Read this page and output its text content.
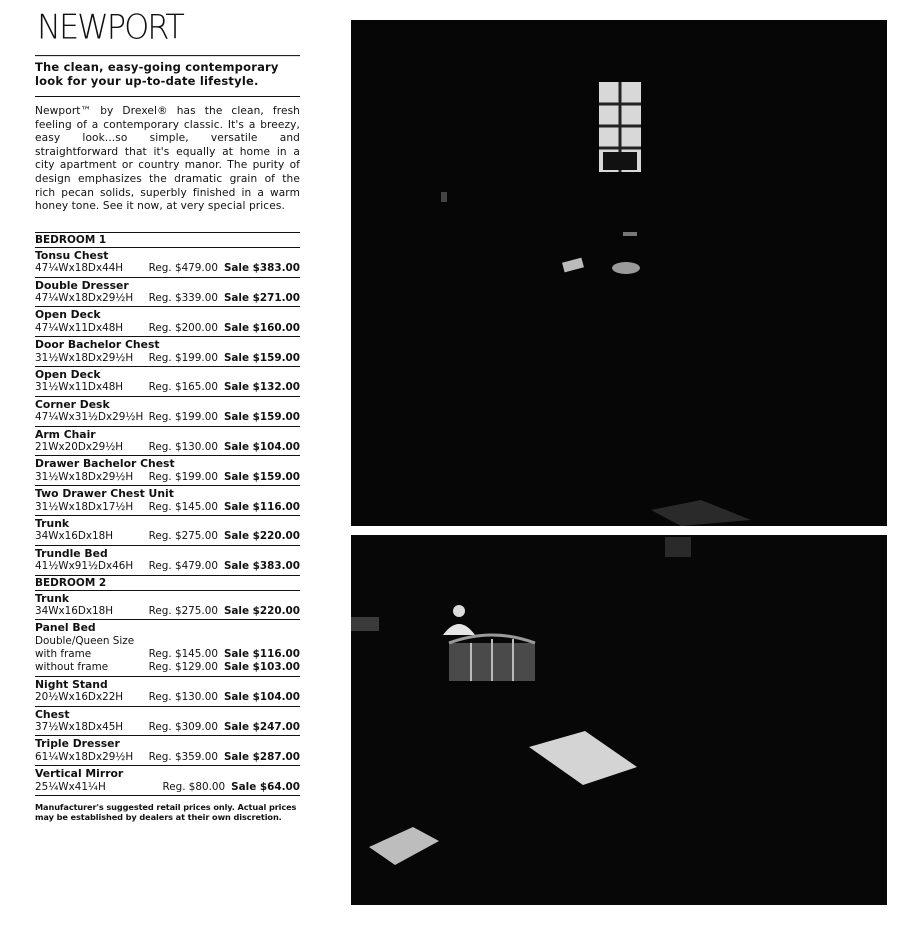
NEWPORT

The clean, easy-going contemporary look for your up-to-date lifestyle.

Newport™ by Drexel® has the clean, fresh feeling of a contemporary classic. It's a breezy, easy look...so simple, versatile and straightforward that it's equally at home in a city apartment or country manor. The purity of design emphasizes the dramatic grain of the rich pecan solids, superbly finished in a warm honey tone. See it now, at very special prices.

BEDROOM 1
Tonsu Chest
47¼Wx18Dx44H	Reg. $479.00 Sale $383.00
Double Dresser
47¼Wx18Dx29½H	Reg. $339.00 Sale $271.00
Open Deck
47¼Wx11Dx48H	Reg. $200.00 Sale $160.00
Door Bachelor Chest
31½Wx18Dx29½H	Reg. $199.00 Sale $159.00
Open Deck
31½Wx11Dx48H	Reg. $165.00 Sale $132.00
Corner Desk
47¼Wx31½Dx29½H Reg. $199.00 Sale $159.00
Arm Chair
21Wx20Dx29½H	Reg. $130.00 Sale $104.00
Drawer Bachelor Chest
31½Wx18Dx29½H	Reg. $199.00 Sale $159.00
Two Drawer Chest Unit
31½Wx18Dx17½H	Reg. $145.00 Sale $116.00
Trunk
34Wx16Dx18H	Reg. $275.00 Sale $220.00
Trundle Bed
41½Wx91½Dx46H	Reg. $479.00 Sale $383.00
BEDROOM 2
Trunk
34Wx16Dx18H	Reg. $275.00 Sale $220.00
Panel Bed
Double/Queen Size
with frame	Reg. $145.00 Sale $116.00
without frame	Reg. $129.00 Sale $103.00
Night Stand
20½Wx16Dx22H	Reg. $130.00 Sale $104.00
Chest
37½Wx18Dx45H	Reg. $309.00 Sale $247.00
Triple Dresser
61¼Wx18Dx29½H	Reg. $359.00 Sale $287.00
Vertical Mirror
25¼Wx41¼H	Reg. $80.00 Sale $64.00
Manufacturer's suggested retail prices only. Actual prices may be established by dealers at their own discretion.
